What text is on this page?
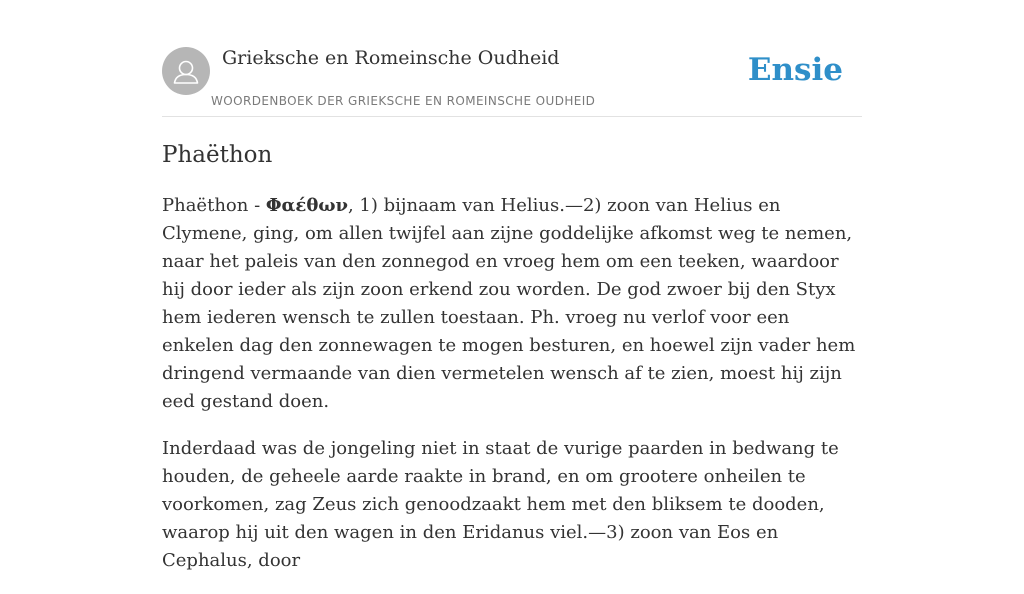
Grieksche en Romeinsche Oudheid
WOORDENBOEK DER GRIEKSCHE EN ROMEINSCHE OUDHEID
Ensie
Phaëthon

Phaëthon - Φαέθων, 1) bijnaam van Helius.—2) zoon van Helius en Clymene, ging, om allen twijfel aan zijne goddelijke afkomst weg te nemen, naar het paleis van den zonnegod en vroeg hem om een teeken, waardoor hij door ieder als zijn zoon erkend zou worden. De god zwoer bij den Styx hem iederen wensch te zullen toestaan. Ph. vroeg nu verlof voor een enkelen dag den zonnewagen te mogen besturen, en hoewel zijn vader hem dringend vermaande van dien vermetelen wensch af te zien, moest hij zijn eed gestand doen.

Inderdaad was de jongeling niet in staat de vurige paarden in bedwang te houden, de geheele aarde raakte in brand, en om grootere onheilen te voorkomen, zag Zeus zich genoodzaakt hem met den bliksem te dooden, waarop hij uit den wagen in den Eridanus viel.—3) zoon van Eos en Cephalus, door
